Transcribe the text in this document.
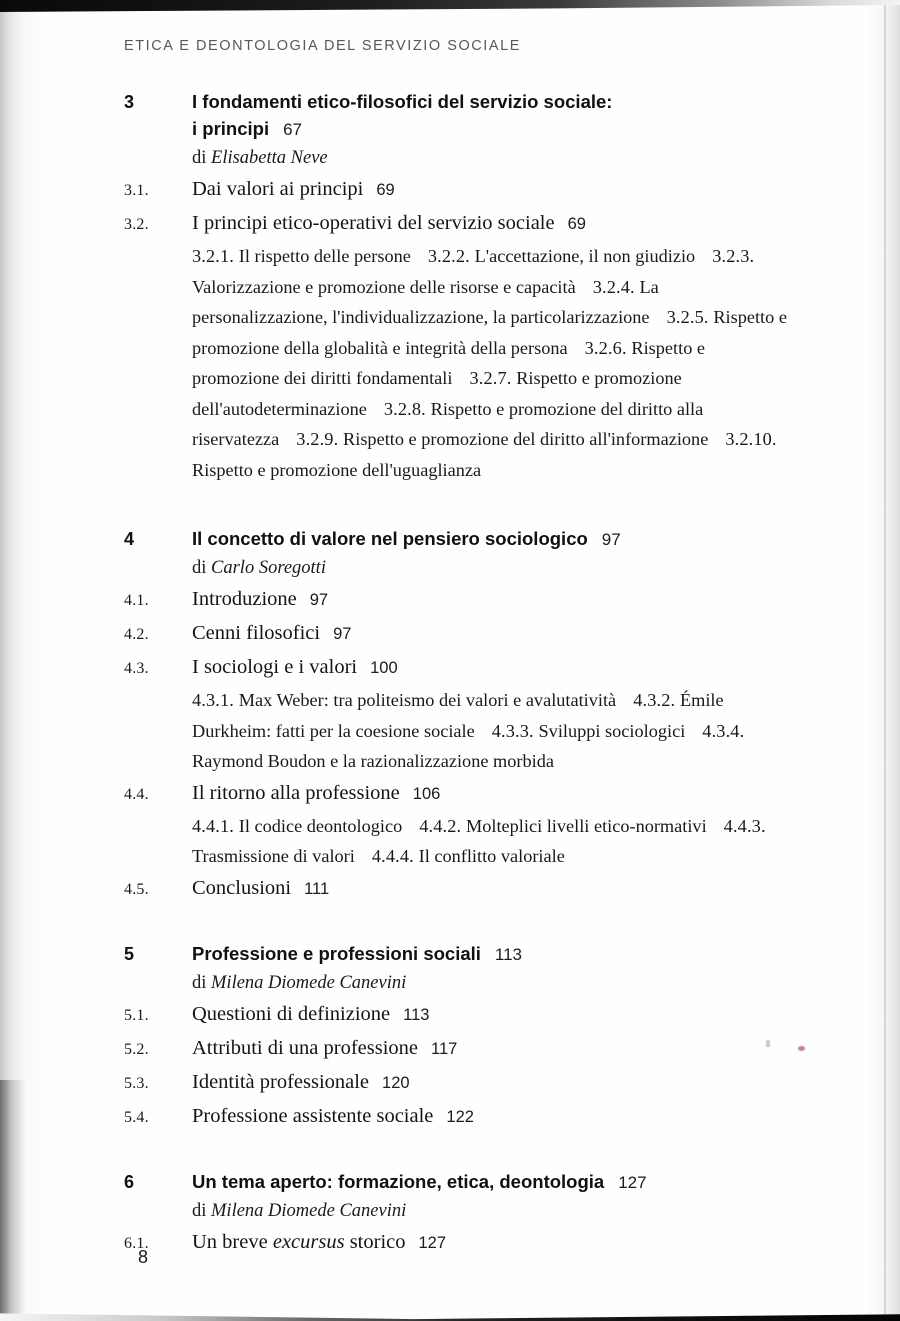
ETICA E DEONTOLOGIA DEL SERVIZIO SOCIALE
3	I fondamenti etico-filosofici del servizio sociale:
i principi 67
di Elisabetta Neve
3.1.	Dai valori ai principi 69
3.2.	I principi etico-operativi del servizio sociale 69
3.2.1. Il rispetto delle persone 3.2.2. L'accettazione, il non giudizio 3.2.3. Valorizzazione e promozione delle risorse e capacità 3.2.4. La personalizzazione, l'individualizzazione, la particolarizzazione 3.2.5. Rispetto e promozione della globalità e integrità della persona 3.2.6. Rispetto e promozione dei diritti fondamentali 3.2.7. Rispetto e promozione dell'autodeterminazione 3.2.8. Rispetto e promozione del diritto alla riservatezza 3.2.9. Rispetto e promozione del diritto all'informazione 3.2.10. Rispetto e promozione dell'uguaglianza
4	Il concetto di valore nel pensiero sociologico 97
di Carlo Soregotti
4.1.	Introduzione 97
4.2.	Cenni filosofici 97
4.3.	I sociologi e i valori 100
4.3.1. Max Weber: tra politeismo dei valori e avalutatività 4.3.2. Émile Durkheim: fatti per la coesione sociale 4.3.3. Sviluppi sociologici 4.3.4. Raymond Boudon e la razionalizzazione morbida
4.4.	Il ritorno alla professione 106
4.4.1. Il codice deontologico 4.4.2. Molteplici livelli etico-normativi 4.4.3. Trasmissione di valori 4.4.4. Il conflitto valoriale
4.5.	Conclusioni 111
5	Professione e professioni sociali 113
di Milena Diomede Canevini
5.1.	Questioni di definizione 113
5.2.	Attributi di una professione 117
5.3.	Identità professionale 120
5.4.	Professione assistente sociale 122
6	Un tema aperto: formazione, etica, deontologia 127
di Milena Diomede Canevini
6.1.	Un breve excursus storico 127
8
